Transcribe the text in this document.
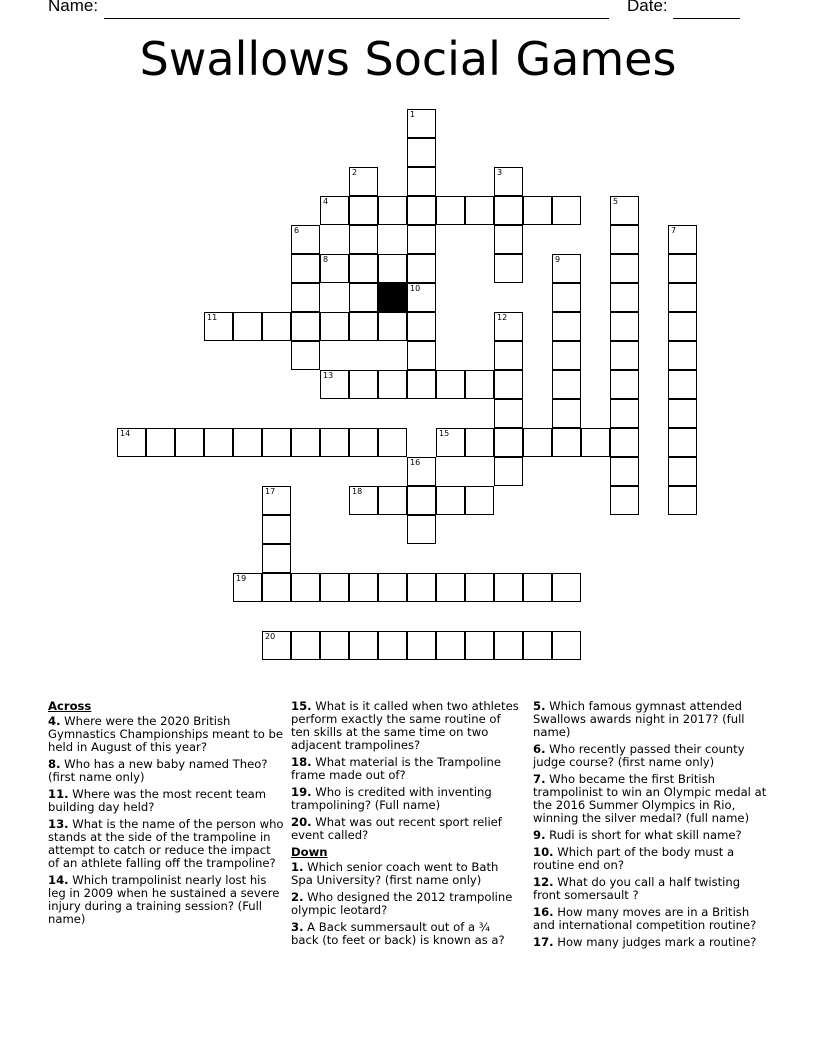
Name:	Date:
Swallows Social Games
1
10
2	3
4	5
6	7
8	9
11	12
13
14	15
16
17	18
19
20
Across
4. Where were the 2020 British Gymnastics Championships meant to be held in August of this year?
8. Who has a new baby named Theo? (first name only)
11. Where was the most recent team building day held?
13. What is the name of the person who stands at the side of the trampoline in attempt to catch or reduce the impact of an athlete falling off the trampoline?
14. Which trampolinist nearly lost his leg in 2009 when he sustained a severe injury during a training session? (Full name)
15. What is it called when two athletes perform exactly the same routine of ten skills at the same time on two adjacent trampolines?
18. What material is the Trampoline frame made out of?
19. Who is credited with inventing trampolining? (Full name)
20. What was out recent sport relief event called?
Down
1. Which senior coach went to Bath Spa University? (first name only)
2. Who designed the 2012 trampoline olympic leotard?
3. A Back summersault out of a ¾ back (to feet or back) is known as a?
5. Which famous gymnast attended Swallows awards night in 2017? (full name)
6. Who recently passed their county judge course? (first name only)
7. Who became the first British trampolinist to win an Olympic medal at the 2016 Summer Olympics in Rio, winning the silver medal? (full name)
9. Rudi is short for what skill name?
10. Which part of the body must a routine end on?
12. What do you call a half twisting front somersault ?
16. How many moves are in a British and international competition routine?
17. How many judges mark a routine?
